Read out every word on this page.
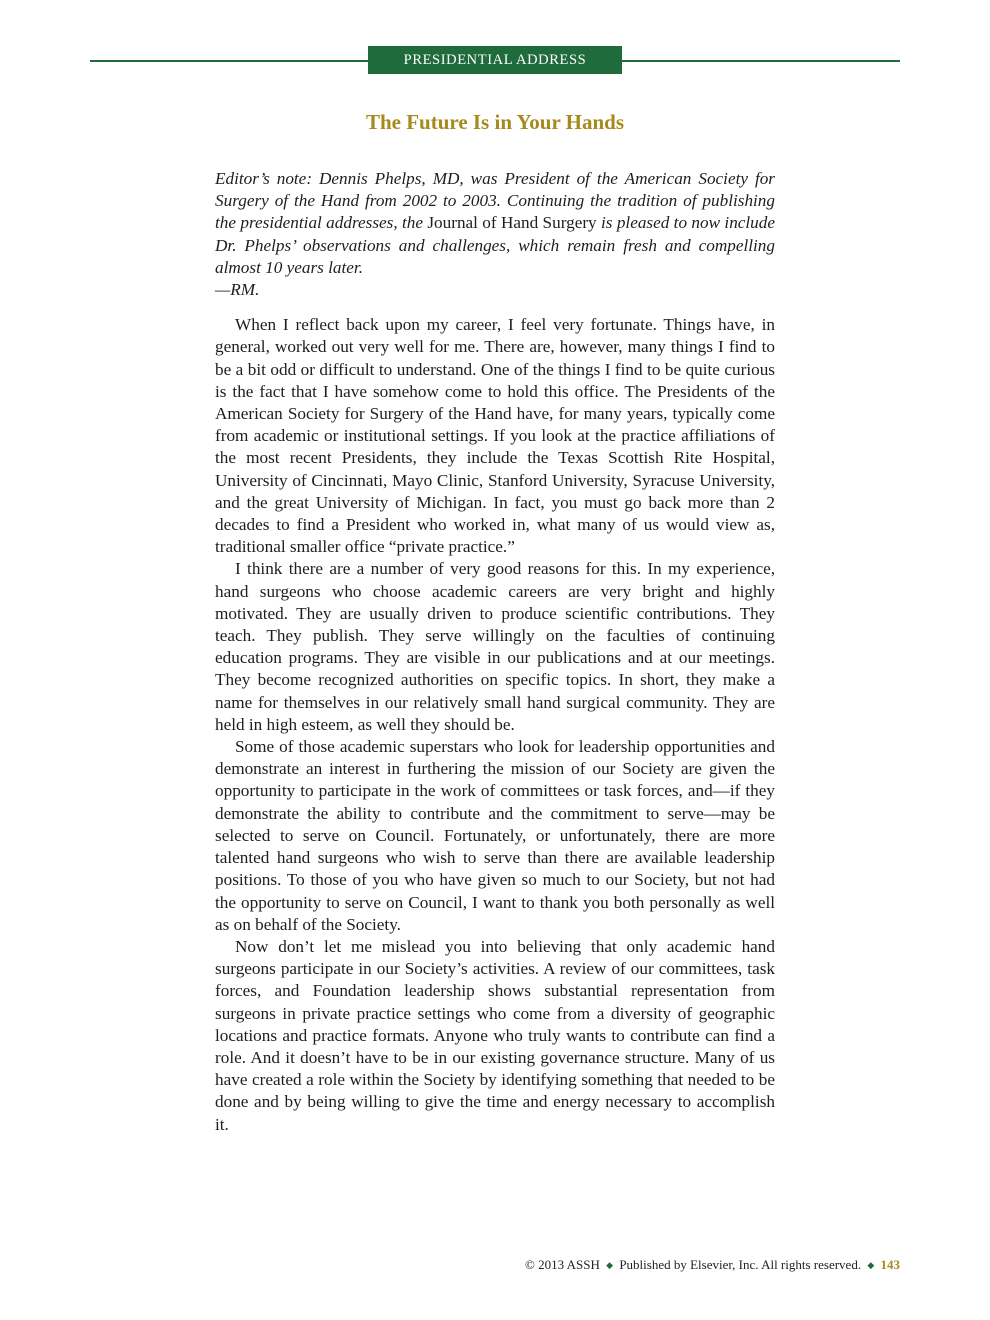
PRESIDENTIAL ADDRESS
The Future Is in Your Hands

Editor’s note: Dennis Phelps, MD, was President of the American Society for Surgery of the Hand from 2002 to 2003. Continuing the tradition of publishing the presidential addresses, the Journal of Hand Surgery is pleased to now include Dr. Phelps’ observations and challenges, which remain fresh and compelling almost 10 years later.

—RM.

When I reflect back upon my career, I feel very fortunate. Things have, in general, worked out very well for me. There are, however, many things I find to be a bit odd or difficult to understand. One of the things I find to be quite curious is the fact that I have somehow come to hold this office. The Presidents of the American Society for Surgery of the Hand have, for many years, typically come from academic or institutional settings. If you look at the practice affiliations of the most recent Presidents, they include the Texas Scottish Rite Hospital, University of Cincinnati, Mayo Clinic, Stanford University, Syracuse University, and the great University of Michigan. In fact, you must go back more than 2 decades to find a President who worked in, what many of us would view as, traditional smaller office “private practice.”

I think there are a number of very good reasons for this. In my experience, hand surgeons who choose academic careers are very bright and highly motivated. They are usually driven to produce scientific contributions. They teach. They publish. They serve willingly on the faculties of continuing education programs. They are visible in our publications and at our meetings. They become recognized authorities on specific topics. In short, they make a name for themselves in our relatively small hand surgical community. They are held in high esteem, as well they should be.

Some of those academic superstars who look for leadership opportunities and demonstrate an interest in furthering the mission of our Society are given the opportunity to participate in the work of committees or task forces, and—if they demonstrate the ability to contribute and the commitment to serve—may be selected to serve on Council. Fortunately, or unfortunately, there are more talented hand surgeons who wish to serve than there are available leadership positions. To those of you who have given so much to our Society, but not had the opportunity to serve on Council, I want to thank you both personally as well as on behalf of the Society.

Now don’t let me mislead you into believing that only academic hand surgeons participate in our Society’s activities. A review of our committees, task forces, and Foundation leadership shows substantial representation from surgeons in private practice settings who come from a diversity of geographic locations and practice formats. Anyone who truly wants to contribute can find a role. And it doesn’t have to be in our existing governance structure. Many of us have created a role within the Society by identifying something that needed to be done and by being willing to give the time and energy necessary to accomplish it.

© 2013 ASSH ◆ Published by Elsevier, Inc. All rights reserved. ◆ 143
